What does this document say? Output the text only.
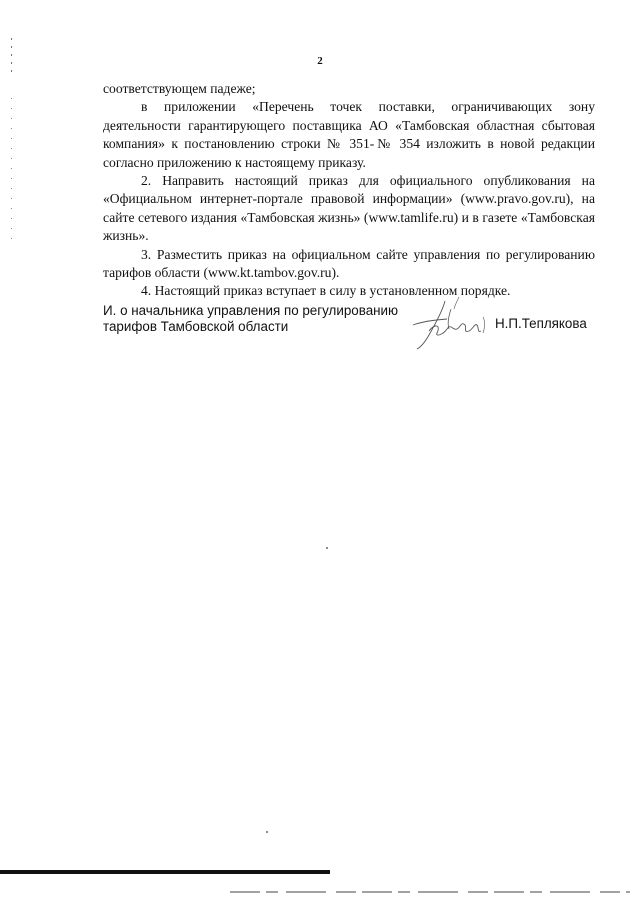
2

соответствующем падеже;

в приложении «Перечень точек поставки, ограничивающих зону деятельности гарантирующего поставщика АО «Тамбовская областная сбытовая компания» к постановлению строки № 351-№ 354 изложить в новой редакции согласно приложению к настоящему приказу.

2. Направить настоящий приказ для официального опубликования на «Официальном интернет-портале правовой информации» (www.pravo.gov.ru), на сайте сетевого издания «Тамбовская жизнь» (www.tamlife.ru) и в газете «Тамбовская жизнь».

3. Разместить приказ на официальном сайте управления по регулированию тарифов области (www.kt.tambov.gov.ru).

4. Настоящий приказ вступает в силу в установленном порядке.

И. о начальника управления по регулированию
тарифов Тамбовской области	Н.П.Теплякова
